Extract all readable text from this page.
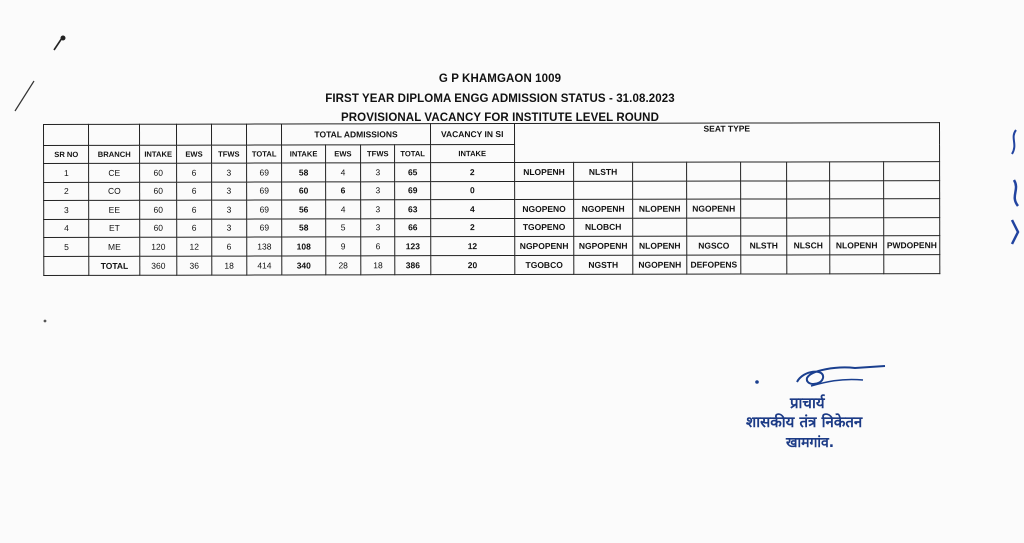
G P KHAMGAON 1009
FIRST YEAR DIPLOMA ENGG ADMISSION STATUS - 31.08.2023
PROVISIONAL VACANCY FOR INSTITUTE LEVEL ROUND
						TOTAL ADMISSIONS				VACANCY IN SI	SEAT TYPE							
SR NO	BRANCH	INTAKE	EWS	TFWS	TOTAL	INTAKE	EWS	TFWS	TOTAL	INTAKE								
1	CE	60	6	3	69	58	4	3	65	2	NLOPENH	NLSTH						
2	CO	60	6	3	69	60	6	3	69	0								
3	EE	60	6	3	69	56	4	3	63	4	NGOPENO	NGOPENH	NLOPENH	NGOPENH				
4	ET	60	6	3	69	58	5	3	66	2	TGOPENO	NLOBCH						
5	ME	120	12	6	138	108	9	6	123	12	NGPOPENH	NGPOPENH	NLOPENH	NGSCO	NLSTH	NLSCH	NLOPENH	PWDOPENH
	TOTAL	360	36	18	414	340	28	18	386	20	TGOBCO	NGSTH	NGOPENH	DEFOPENS				
प्राचार्य
शासकीय तंत्र निकेतन
खामगांव.
